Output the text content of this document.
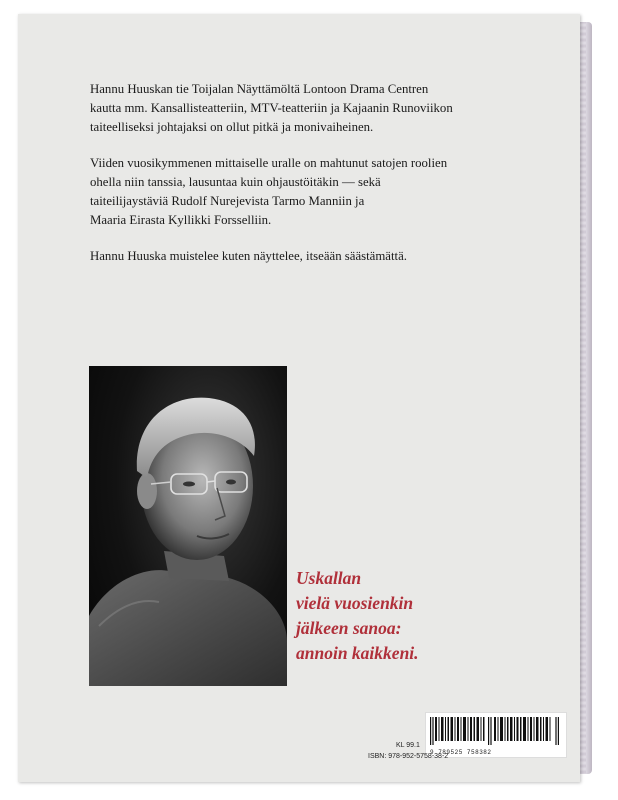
Hannu Huuskan tie Toijalan Näyttämöltä Lontoon Drama Centren
kautta mm. Kansallisteatteriin, MTV-teatteriin ja Kajaanin Runoviikon
taiteelliseksi johtajaksi on ollut pitkä ja monivaiheinen.

Viiden vuosikymmenen mittaiselle uralle on mahtunut satojen roolien
ohella niin tanssia, lausuntaa kuin ohjaustöitäkin — sekä
taiteilijaystäviä Rudolf Nurejevista Tarmo Manniin ja
Maaria Eirasta Kyllikki Forsselliin.

Hannu Huuska muistelee kuten näyttelee, itseään säästämättä.

Uskallan
vielä vuosienkin
jälkeen sanoa:
annoin kaikkeni.
9 789525 758382
KL 99.1
ISBN: 978-952-5758-38-2
